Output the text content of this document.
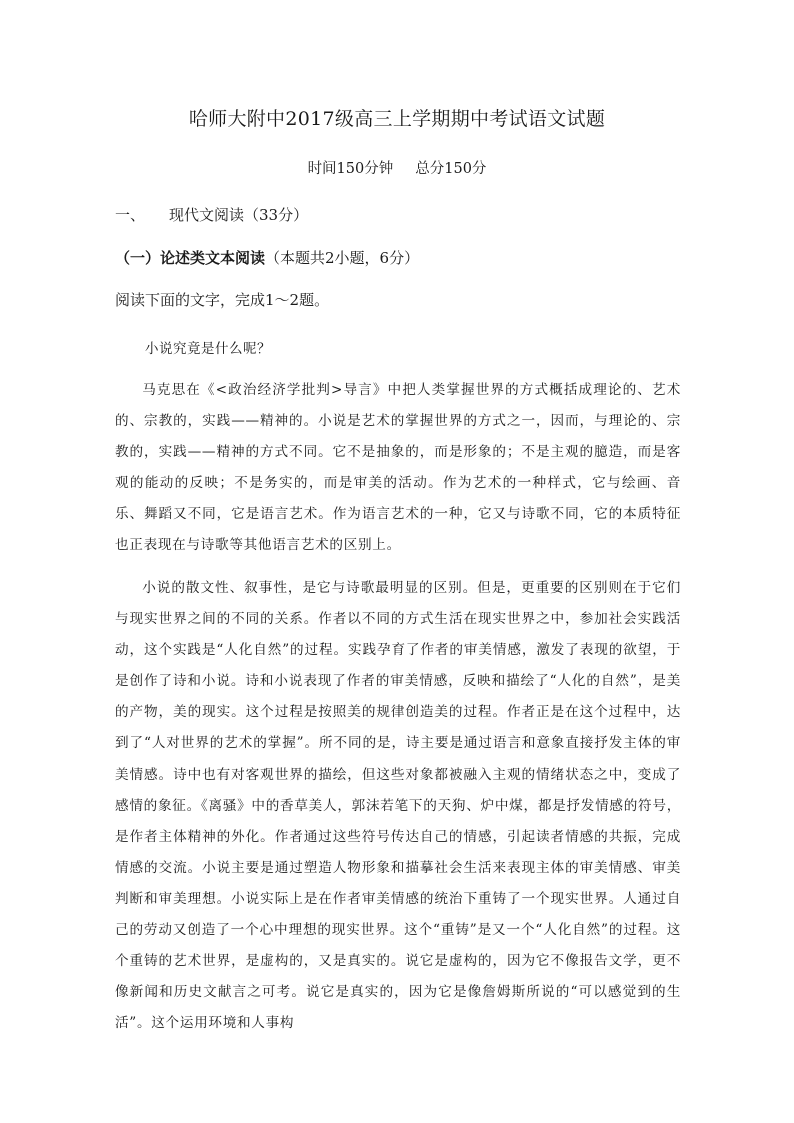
哈师大附中2017级高三上学期期中考试语文试题
时间150分钟 总分150分
一、 现代文阅读（33分）
（一）论述类文本阅读（本题共2小题，6分）
阅读下面的文字，完成1～2题。
小说究竟是什么呢？
马克思在《<政治经济学批判>导言》中把人类掌握世界的方式概括成理论的、艺术的、宗教的，实践——精神的。小说是艺术的掌握世界的方式之一，因而，与理论的、宗教的，实践——精神的方式不同。它不是抽象的，而是形象的；不是主观的臆造，而是客观的能动的反映；不是务实的，而是审美的活动。作为艺术的一种样式，它与绘画、音乐、舞蹈又不同，它是语言艺术。作为语言艺术的一种，它又与诗歌不同，它的本质特征也正表现在与诗歌等其他语言艺术的区别上。
小说的散文性、叙事性，是它与诗歌最明显的区别。但是，更重要的区别则在于它们与现实世界之间的不同的关系。作者以不同的方式生活在现实世界之中，参加社会实践活动，这个实践是“人化自然”的过程。实践孕育了作者的审美情感，激发了表现的欲望，于是创作了诗和小说。诗和小说表现了作者的审美情感，反映和描绘了“人化的自然”，是美的产物，美的现实。这个过程是按照美的规律创造美的过程。作者正是在这个过程中，达到了“人对世界的艺术的掌握”。所不同的是，诗主要是通过语言和意象直接抒发主体的审美情感。诗中也有对客观世界的描绘，但这些对象都被融入主观的情绪状态之中，变成了感情的象征。《离骚》中的香草美人，郭沫若笔下的天狗、炉中煤，都是抒发情感的符号，是作者主体精神的外化。作者通过这些符号传达自己的情感，引起读者情感的共振，完成情感的交流。小说主要是通过塑造人物形象和描摹社会生活来表现主体的审美情感、审美判断和审美理想。小说实际上是在作者审美情感的统治下重铸了一个现实世界。人通过自己的劳动又创造了一个心中理想的现实世界。这个“重铸”是又一个“人化自然”的过程。这个重铸的艺术世界，是虚构的，又是真实的。说它是虚构的，因为它不像报告文学，更不像新闻和历史文献言之可考。说它是真实的，因为它是像詹姆斯所说的“可以感觉到的生活”。这个运用环境和人事构
